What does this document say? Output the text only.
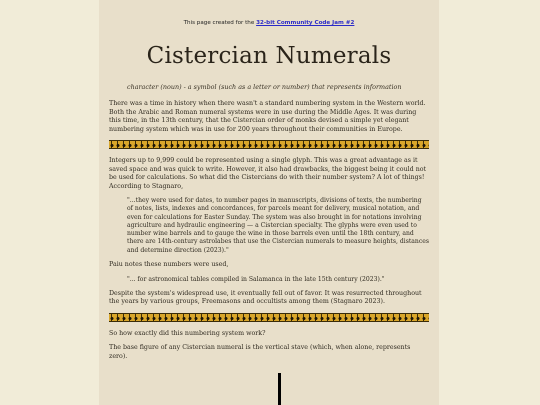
This page created for the 32-bit Community Code Jam #2
Cistercian Numerals
character (noun) - a symbol (such as a letter or number) that represents information

There was a time in history when there wasn't a standard numbering system in the Western world. Both the Arabic and Roman numeral systems were in use during the Middle Ages. It was during this time, in the 13th century, that the Cistercian order of monks devised a simple yet elegant numbering system which was in use for 200 years throughout their communities in Europe.

Integers up to 9,999 could be represented using a single glyph. This was a great advantage as it saved space and was quick to write. However, it also had drawbacks, the biggest being it could not be used for calculations. So what did the Cistercians do with their number system? A lot of things! According to Stagnaro,

"...they were used for dates, to number pages in manuscripts, divisions of texts, the numbering of notes, lists, indexes and concordances, for parcels meant for delivery, musical notation, and even for calculations for Easter Sunday. The system was also brought in for notations involving agriculture and hydraulic engineering — a Cistercian specialty. The glyphs were even used to number wine barrels and to gauge the wine in those barrels even until the 18th century, and there are 14th-century astrolabes that use the Cistercian numerals to measure heights, distances and determine direction (2023)."

Paiu notes these numbers were used,

"... for astronomical tables compiled in Salamanca in the late 15th century (2023)."

Despite the system's widespread use, it eventually fell out of favor. It was resurrected throughout the years by various groups, Freemasons and occultists among them (Stagnaro 2023).

So how exactly did this numbering system work?

The base figure of any Cistercian numeral is the vertical stave (which, when alone, represents zero).
